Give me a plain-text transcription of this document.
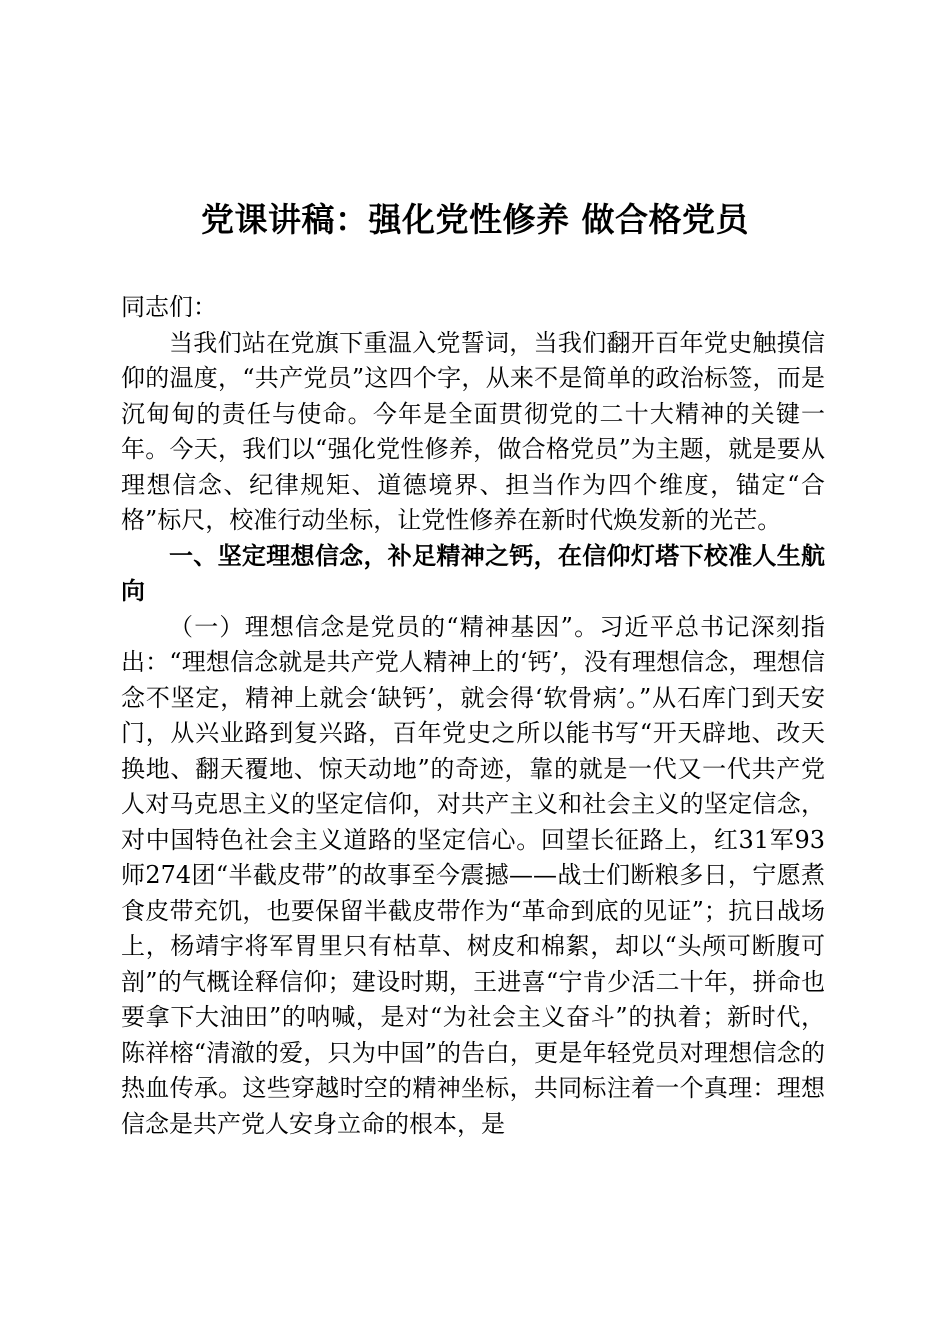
党课讲稿：强化党性修养 做合格党员

同志们：

当我们站在党旗下重温入党誓词，当我们翻开百年党史触摸信仰的温度，“共产党员”这四个字，从来不是简单的政治标签，而是沉甸甸的责任与使命。今年是全面贯彻党的二十大精神的关键一年。今天，我们以“强化党性修养，做合格党员”为主题，就是要从理想信念、纪律规矩、道德境界、担当作为四个维度，锚定“合格”标尺，校准行动坐标，让党性修养在新时代焕发新的光芒。

一、坚定理想信念，补足精神之钙，在信仰灯塔下校准人生航向

（一）理想信念是党员的“精神基因”。习近平总书记深刻指出：“理想信念就是共产党人精神上的‘钙’，没有理想信念，理想信念不坚定，精神上就会‘缺钙’，就会得‘软骨病’。”从石库门到天安门，从兴业路到复兴路，百年党史之所以能书写“开天辟地、改天换地、翻天覆地、惊天动地”的奇迹，靠的就是一代又一代共产党人对马克思主义的坚定信仰，对共产主义和社会主义的坚定信念，对中国特色社会主义道路的坚定信心。回望长征路上，红31军93师274团“半截皮带”的故事至今震撼——战士们断粮多日，宁愿煮食皮带充饥，也要保留半截皮带作为“革命到底的见证”；抗日战场上，杨靖宇将军胃里只有枯草、树皮和棉絮，却以“头颅可断腹可剖”的气概诠释信仰；建设时期，王进喜“宁肯少活二十年，拼命也要拿下大油田”的呐喊，是对“为社会主义奋斗”的执着；新时代，陈祥榕“清澈的爱，只为中国”的告白，更是年轻党员对理想信念的热血传承。这些穿越时空的精神坐标，共同标注着一个真理：理想信念是共产党人安身立命的根本，是
